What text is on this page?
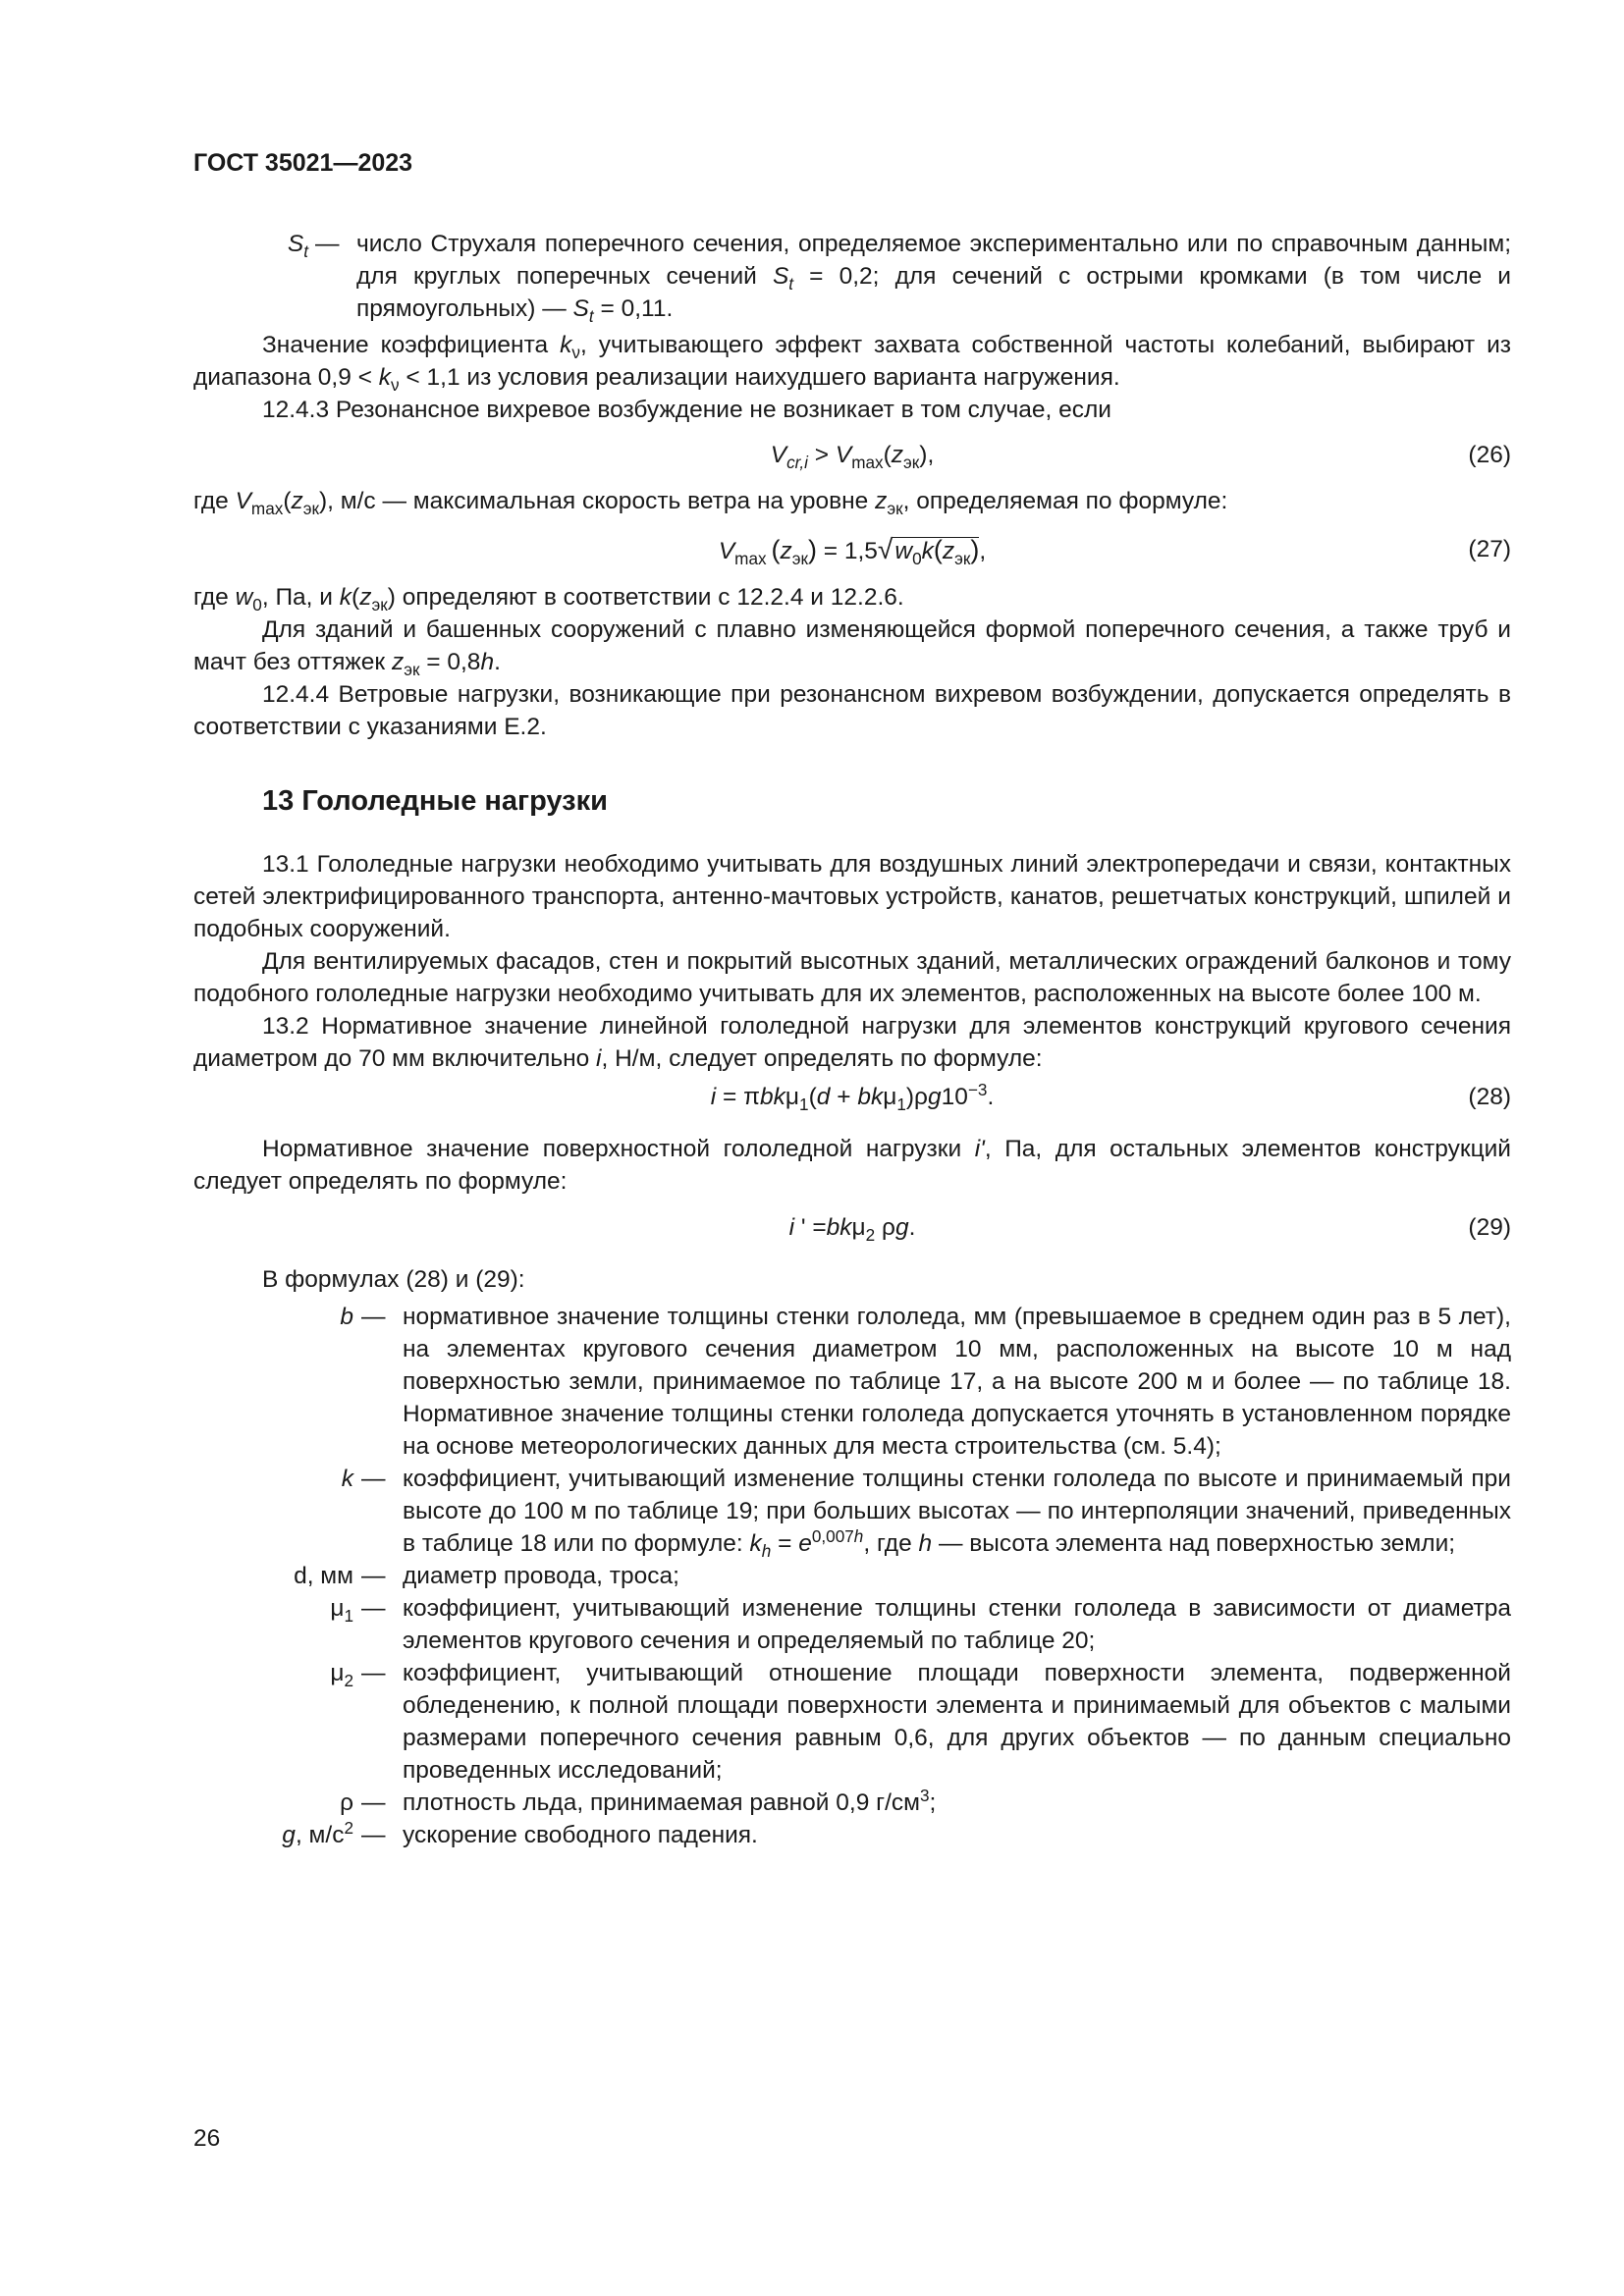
ГОСТ 35021—2023
$S_t$ — число Струхаля поперечного сечения, определяемое экспериментально или по справочным данным; для круглых поперечных сечений $S_t = 0,2$; для сечений с острыми кромками (в том числе и прямоугольных) — $S_t = 0,11$.

Значение коэффициента $k_\nu$, учитывающего эффект захвата собственной частоты колебаний, выбирают из диапазона $0,9 < k_\nu < 1,1$ из условия реализации наихудшего варианта нагружения.

12.4.3 Резонансное вихревое возбуждение не возникает в том случае, если

$V_{cr,i} > V_{max}(z_{эк})$,	(26)

где $V_{max}(z_{эк})$, м/с — максимальная скорость ветра на уровне $z_{эк}$, определяемая по формуле:

$V_{max}$  $(z_{эк}) = 1,5√w_0k(z_{эк})$,	(27)

где $w_0$, Па, и $k(z_{эк})$ определяют в соответствии с 12.2.4 и 12.2.6.

Для зданий и башенных сооружений с плавно изменяющейся формой поперечного сечения, а также труб и мачт без оттяжек $z_{эк} = 0,8h$.

12.4.4 Ветровые нагрузки, возникающие при резонансном вихревом возбуждении, допускается определять в соответствии с указаниями Е.2.

13 Гололедные нагрузки

13.1 Гололедные нагрузки необходимо учитывать для воздушных линий электропередачи и связи, контактных сетей электрифицированного транспорта, антенно-мачтовых устройств, канатов, решетчатых конструкций, шпилей и подобных сооружений.

Для вентилируемых фасадов, стен и покрытий высотных зданий, металлических ограждений балконов и тому подобного гололедные нагрузки необходимо учитывать для их элементов, расположенных на высоте более 100 м.

13.2 Нормативное значение линейной гололедной нагрузки для элементов конструкций кругового сечения диаметром до 70 мм включительно i, Н/м, следует определять по формуле:

$i = \pi bk\mu_1(d + bk\mu_1)\rho g10^{-3}$.	(28)

Нормативное значение поверхностной гололедной нагрузки i', Па, для остальных элементов конструкций следует определять по формуле:

i ' =bkμ$_2$ ρg.	(29)

В формулах (28) и (29):

b — нормативное значение толщины стенки гололеда, мм (превышаемое в среднем один раз в 5 лет), на элементах кругового сечения диаметром 10 мм, расположенных на высоте 10 м над поверхностью земли, принимаемое по таблице 17, а на высоте 200 м и более — по таблице 18. Нормативное значение толщины стенки гололеда допускается уточнять в установленном порядке на основе метеорологических данных для места строительства (см. 5.4);
k — коэффициент, учитывающий изменение толщины стенки гололеда по высоте и принимаемый при высоте до 100 м по таблице 19; при больших высотах — по интерполяции значений, приведенных в таблице 18 или по формуле: $k_h = e^{0,007h}$, где h — высота элемента над поверхностью земли;
d, мм — диаметр провода, троса;
$\mu_1$ — коэффициент, учитывающий изменение толщины стенки гололеда в зависимости от диаметра элементов кругового сечения и определяемый по таблице 20;
$\mu_2$ — коэффициент, учитывающий отношение площади поверхности элемента, подверженной обледенению, к полной площади поверхности элемента и принимаемый для объектов с малыми размерами поперечного сечения равным 0,6, для других объектов — по данным специально проведенных исследований;
ρ — плотность льда, принимаемая равной 0,9 $г/см^3$;
g, $м/с^2$ — ускорение свободного падения.
26
